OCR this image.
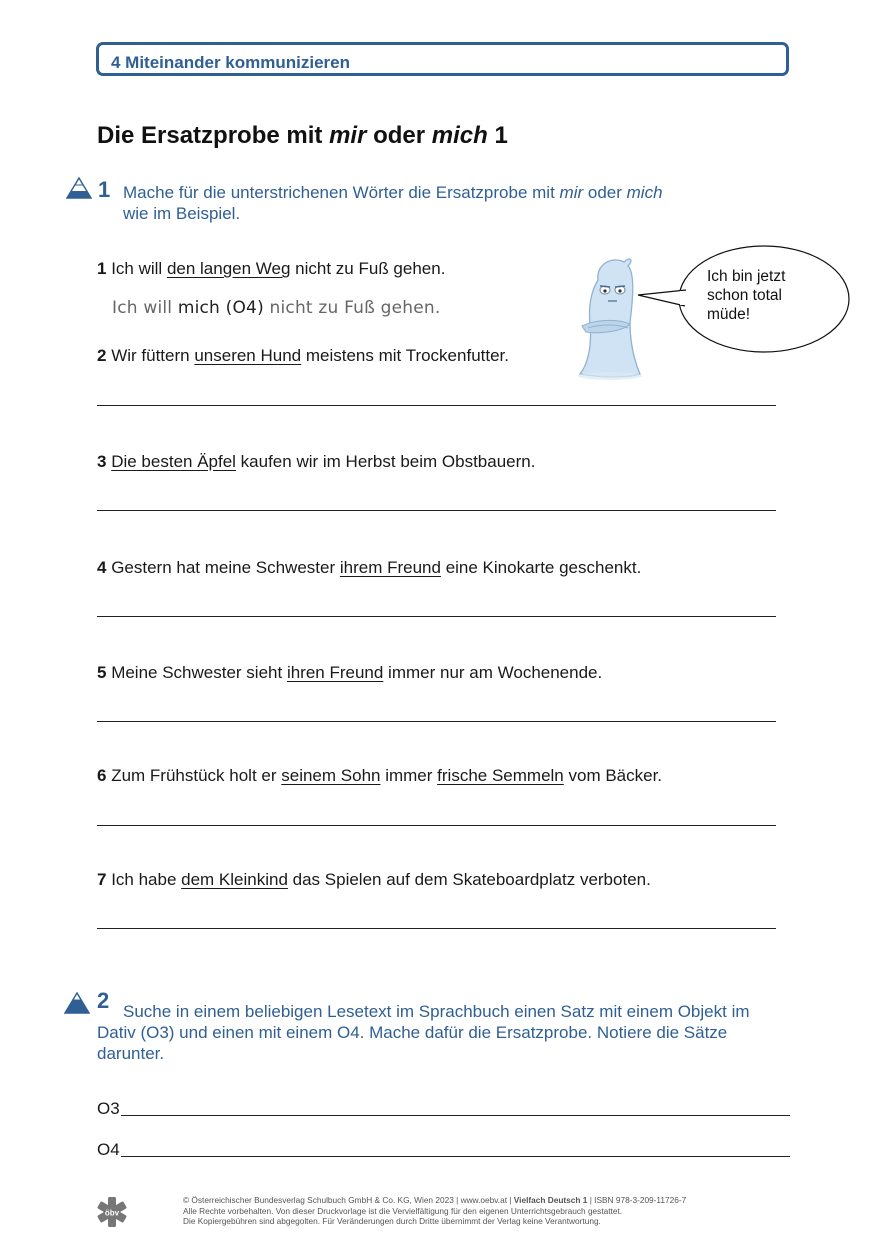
4 Miteinander kommunizieren
Die Ersatzprobe mit mir oder mich 1
1 Mache für die unterstrichenen Wörter die Ersatzprobe mit mir oder mich
wie im Beispiel.
1 Ich will den langen Weg nicht zu Fuß gehen.
Ich will mich (O4) nicht zu Fuß gehen.
2 Wir füttern unseren Hund meistens mit Trockenfutter.
3 Die besten Äpfel kaufen wir im Herbst beim Obstbauern.
4 Gestern hat meine Schwester ihrem Freund eine Kinokarte geschenkt.
5 Meine Schwester sieht ihren Freund immer nur am Wochenende.
6 Zum Frühstück holt er seinem Sohn immer frische Semmeln vom Bäcker.
7 Ich habe dem Kleinkind das Spielen auf dem Skateboardplatz verboten.
Ich bin jetzt
schon total
müde!
2 Suche in einem beliebigen Lesetext im Sprachbuch einen Satz mit einem Objekt im
Dativ (O3) und einen mit einem O4. Mache dafür die Ersatzprobe. Notiere die Sätze
darunter.
O3
O4
öbv
© Österreichischer Bundesverlag Schulbuch GmbH & Co. KG, Wien 2023 | www.oebv.at | Vielfach Deutsch 1 | ISBN 978-3-209-11726-7
Alle Rechte vorbehalten. Von dieser Druckvorlage ist die Vervielfältigung für den eigenen Unterrichtsgebrauch gestattet.
Die Kopiergebühren sind abgegolten. Für Veränderungen durch Dritte übernimmt der Verlag keine Verantwortung.
